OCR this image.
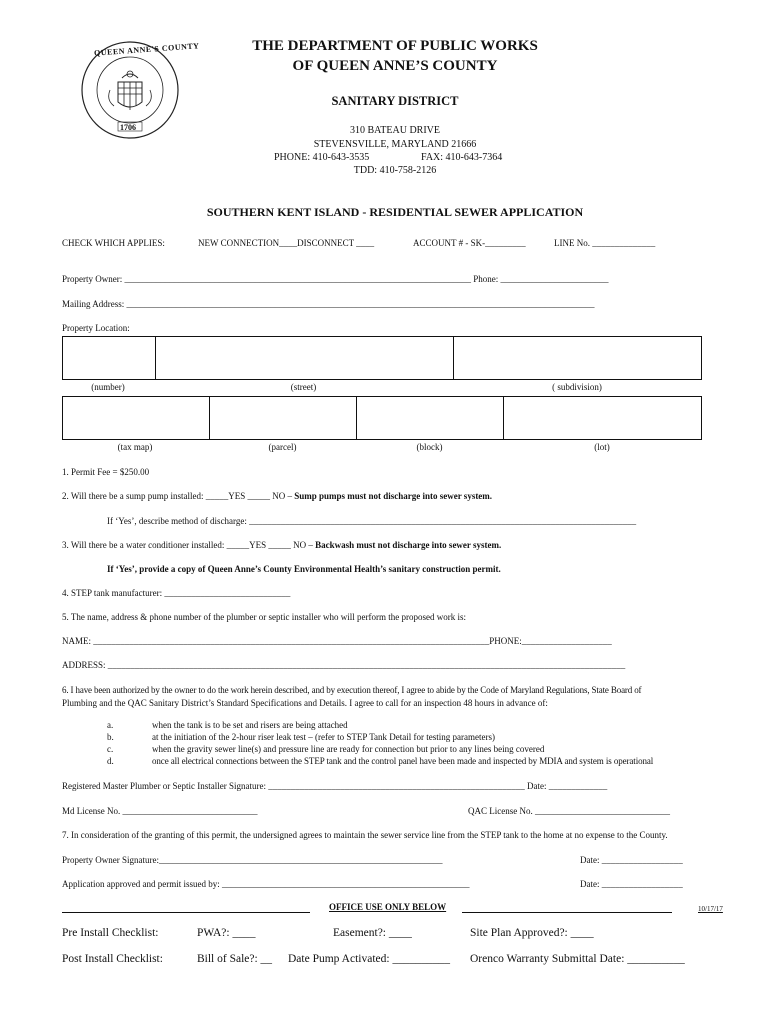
QUEEN ANNE'S COUNTY
1706
THE DEPARTMENT OF PUBLIC WORKS
OF QUEEN ANNE’S COUNTY
SANITARY DISTRICT
310 BATEAU DRIVE
STEVENSVILLE, MARYLAND 21666
PHONE: 410-643-3535	FAX: 410-643-7364
TDD: 410-758-2126
SOUTHERN KENT ISLAND - RESIDENTIAL SEWER APPLICATION
CHECK WHICH APPLIES:	NEW CONNECTION____DISCONNECT ____	ACCOUNT # - SK-_________	LINE No. ______________
Property Owner: _____________________________________________________________________________ Phone: ________________________
Mailing Address: ________________________________________________________________________________________________________
Property Location:
(number)	(street)	( subdivision)
(tax map)	(parcel)	(block)	(lot)
1. Permit Fee = $250.00
2. Will there be a sump pump installed: _____YES _____ NO – Sump pumps must not discharge into sewer system.
If ‘Yes’, describe method of discharge: ______________________________________________________________________________________
3. Will there be a water conditioner installed: _____YES _____ NO – Backwash must not discharge into sewer system.
If ‘Yes’, provide a copy of Queen Anne’s County Environmental Health’s sanitary construction permit.
4. STEP tank manufacturer: ____________________________
5. The name, address & phone number of the plumber or septic installer who will perform the proposed work is:
NAME: ________________________________________________________________________________________PHONE:____________________
ADDRESS: ___________________________________________________________________________________________________________________
6. I have been authorized by the owner to do the work herein described, and by execution thereof, I agree to abide by the Code of Maryland Regulations, State Board of
Plumbing and the QAC Sanitary District’s Standard Specifications and Details. I agree to call for an inspection 48 hours in advance of:
a.	when the tank is to be set and risers are being attached
b.	at the initiation of the 2-hour riser leak test – (refer to STEP Tank Detail for testing parameters)
c.	when the gravity sewer line(s) and pressure line are ready for connection but prior to any lines being covered
d.	once all electrical connections between the STEP tank and the control panel have been made and inspected by MDIA and system is operational
Registered Master Plumber or Septic Installer Signature: _________________________________________________________ Date: _____________
Md License No. ______________________________	QAC License No. ______________________________
7. In consideration of the granting of this permit, the undersigned agrees to maintain the sewer service line from the STEP tank to the home at no expense to the County.
Property Owner Signature:_______________________________________________________________	Date: __________________
Application approved and permit issued by: _______________________________________________________	Date: __________________
OFFICE USE ONLY BELOW	10/17/17
Pre Install Checklist:	PWA?: ____	Easement?: ____	Site Plan Approved?: ____
Post Install Checklist:	Bill of Sale?: __ Date Pump Activated: __________ Orenco Warranty Submittal Date: __________
